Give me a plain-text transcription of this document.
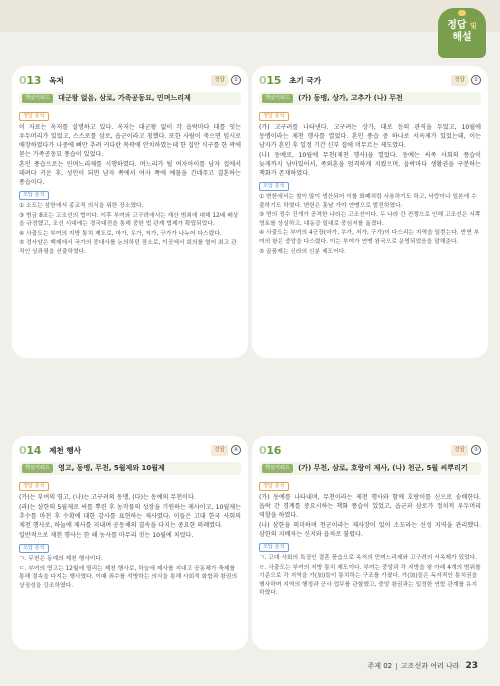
정답 및
해설
013 옥저	정답	②
핵심키워드	대군왕 없음, 삼로, 가족공동묘, 민며느리제
정답 분석

이 자료는 옥저를 설명하고 있다. 옥저는 대군왕 없이 각 읍락마다 대를 잇는 우두머리가 있었고, 스스로를 삼로, 읍군이라고 칭했다. 또한 사람이 죽으면 임시로 매장하였다가 나중에 뼈만 추려 커다란 목곽에 안치하였는데 한 집안 식구를 한 곽에 묻는 가족공동묘 풍습이 있었다.

혼인 풍습으로는 민며느리제를 시행하였다. 며느리가 될 여자아이를 남자 집에서 데려다 키운 후, 성인이 되면 남자 쪽에서 여자 쪽에 예물을 건네주고 결혼하는 풍습이다.

오답 분석
① 소도는 삼한에서 종교적 의식을 위한 장소였다.
③ 범금 8조는 고조선의 법이다. 이후 부여와 고구려에서는 재산 범죄에 대해 12배 배상을 규정했고, 조선 시대에는 경국대전을 통해 중한 법 관계 법제가 확립되었다.
④ 사출도는 부여의 지방 통치 제도로, 마가, 우가, 저가, 구가가 나누어 다스렸다.
⑤ 정사암은 백제에서 국가의 중대사를 논의하던 장소로, 이곳에서 회의를 열어 최고 관직인 상좌평을 선출하였다.
015 초기 국가	정답	②
핵심키워드	(가) 동맹, 상가, 고추가 (나) 무천
정답 분석

(가) 고구려를 나타낸다. 고구려는 상가, 대로 등의 관직을 두었고, 10월에 동맹이라는 제천 행사를 열었다. 혼인 풍습 중 하나로 서옥제가 있었는데, 이는 남자가 혼인 후 일정 기간 신부 집에 머무르는 제도였다.

(나) 동예로, 10월에 무천(제천 행사)을 열었다. 동예는 씨족 사회의 풍습이 늦게까지 남아있어서, 족외혼을 엄격하게 지켰으며, 읍락마다 생활권을 구분하는 책화가 존재하였다.

오답 분석
① 변한에서는 철이 많이 생산되어 이를 화폐처럼 사용하기도 하고, 낙랑이나 일본에 수출하기도 하였다. 변한은 훗날 가야 연맹으로 발전하였다.
③ 면의 정수 진개가 공격한 나라는 고조선이다. 두 나라 간 전쟁으로 인해 고조선은 서쪽 영토를 상실하고, 대동강 일대로 중심지를 옮겼다.
④ 사출도는 부여의 4군장(마가, 우가, 저가, 구가)이 다스리는 지역을 일컫는다. 반면 부여의 왕은 중앙을 다스렸다. 이는 부여가 연맹 왕국으로 운영되었음을 말해준다.
⑤ 골품제는 신라의 신분 제도이다.
014 제천 행사	정답	④
핵심키워드	영고, 동맹, 무천, 5월제와 10월제
정답 분석

(가)는 부여의 영고, (나)는 고구려의 동맹, (다)는 동예의 무천이다.

(라)는 삼한의 5월제로 씨를 뿌린 후 농작물의 성장을 기원하는 제사이고, 10월제는 추수를 마친 후 수확에 대한 감사를 표현하는 제사였다. 이들은 고대 한국 사회의 제천 행사로, 하늘에 제사를 지내며 공동체의 결속을 다지는 중요한 의례였다.

일반적으로 제천 행사는 한 해 농사를 마무리 짓는 10월에 치렀다.

오답 분석
ㄱ. 무천은 동예의 제천 행사이다.
ㄷ. 부여의 영고는 12월에 열리는 제천 행사로, 하늘에 제사를 지내고 공동체가 축제를 통해 결속을 다지는 행사였다. 이때 죄수를 석방하는 의식을 통해 사회적 화합과 왕권의 상징성을 강조하였다.
016	정답	③
핵심키워드	(가) 무천, 삼로, 호랑이 제사, (나) 천군, 5월 씨뿌리기
정답 분석

(가) 동예를 나타내며, 무천이라는 제천 행사와 함께 호랑이를 신으로 숭배한다. 읍락 간 경계를 중요시하는 책화 풍습이 있었고, 읍군과 삼로가 정치적 우두머리 역할을 하였다.

(나) 삼한을 의미하며 천군이라는 제사장이 있어 소도라는 신성 지역을 관리했다. 삼한의 지배자는 신지와 읍차로 불렸다.

오답 분석
ㄱ. 고대 사회의 특징인 결혼 풍습으로 옥저의 민며느리제와 고구려의 서옥제가 있었다.
ㄹ. 사출도는 부여의 지방 통치 제도이다. 부여는 중앙과 각 지방을 왕 아래 4개의 범위를 기준으로 각 지역을 가(加)들이 통치하는 구조를 가졌다. 가(加)들은 독자적인 통치권을 행사하며 지역의 행정과 군사 업무를 관할했고, 중앙 왕권과는 일정한 연합 관계를 유지하였다.
주제 02 고조선과 여러 나라 23
